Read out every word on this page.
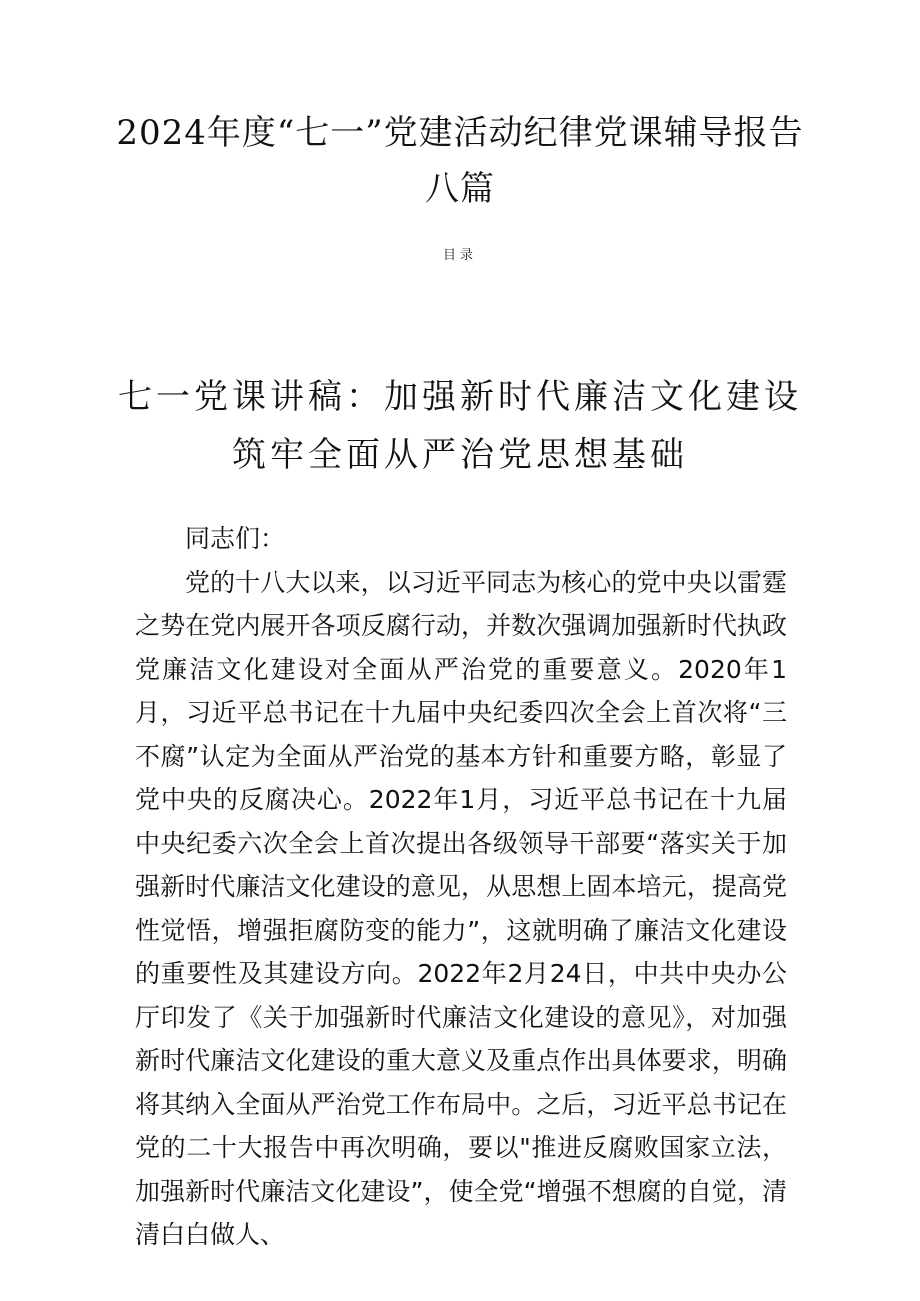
2024年度“七一”党建活动纪律党课辅导报告八篇
目录
七一党课讲稿：加强新时代廉洁文化建设 筑牢全面从严治党思想基础

同志们：

党的十八大以来，以习近平同志为核心的党中央以雷霆之势在党内展开各项反腐行动，并数次强调加强新时代执政党廉洁文化建设对全面从严治党的重要意义。2020年1月，习近平总书记在十九届中央纪委四次全会上首次将“三不腐”认定为全面从严治党的基本方针和重要方略，彰显了党中央的反腐决心。2022年1月，习近平总书记在十九届中央纪委六次全会上首次提出各级领导干部要“落实关于加强新时代廉洁文化建设的意见，从思想上固本培元，提高党性觉悟，增强拒腐防变的能力”，这就明确了廉洁文化建设的重要性及其建设方向。2022年2月24日，中共中央办公厅印发了《关于加强新时代廉洁文化建设的意见》，对加强新时代廉洁文化建设的重大意义及重点作出具体要求，明确将其纳入全面从严治党工作布局中。之后，习近平总书记在党的二十大报告中再次明确，要以"推进反腐败国家立法，加强新时代廉洁文化建设”，使全党“增强不想腐的自觉，清清白白做人、
